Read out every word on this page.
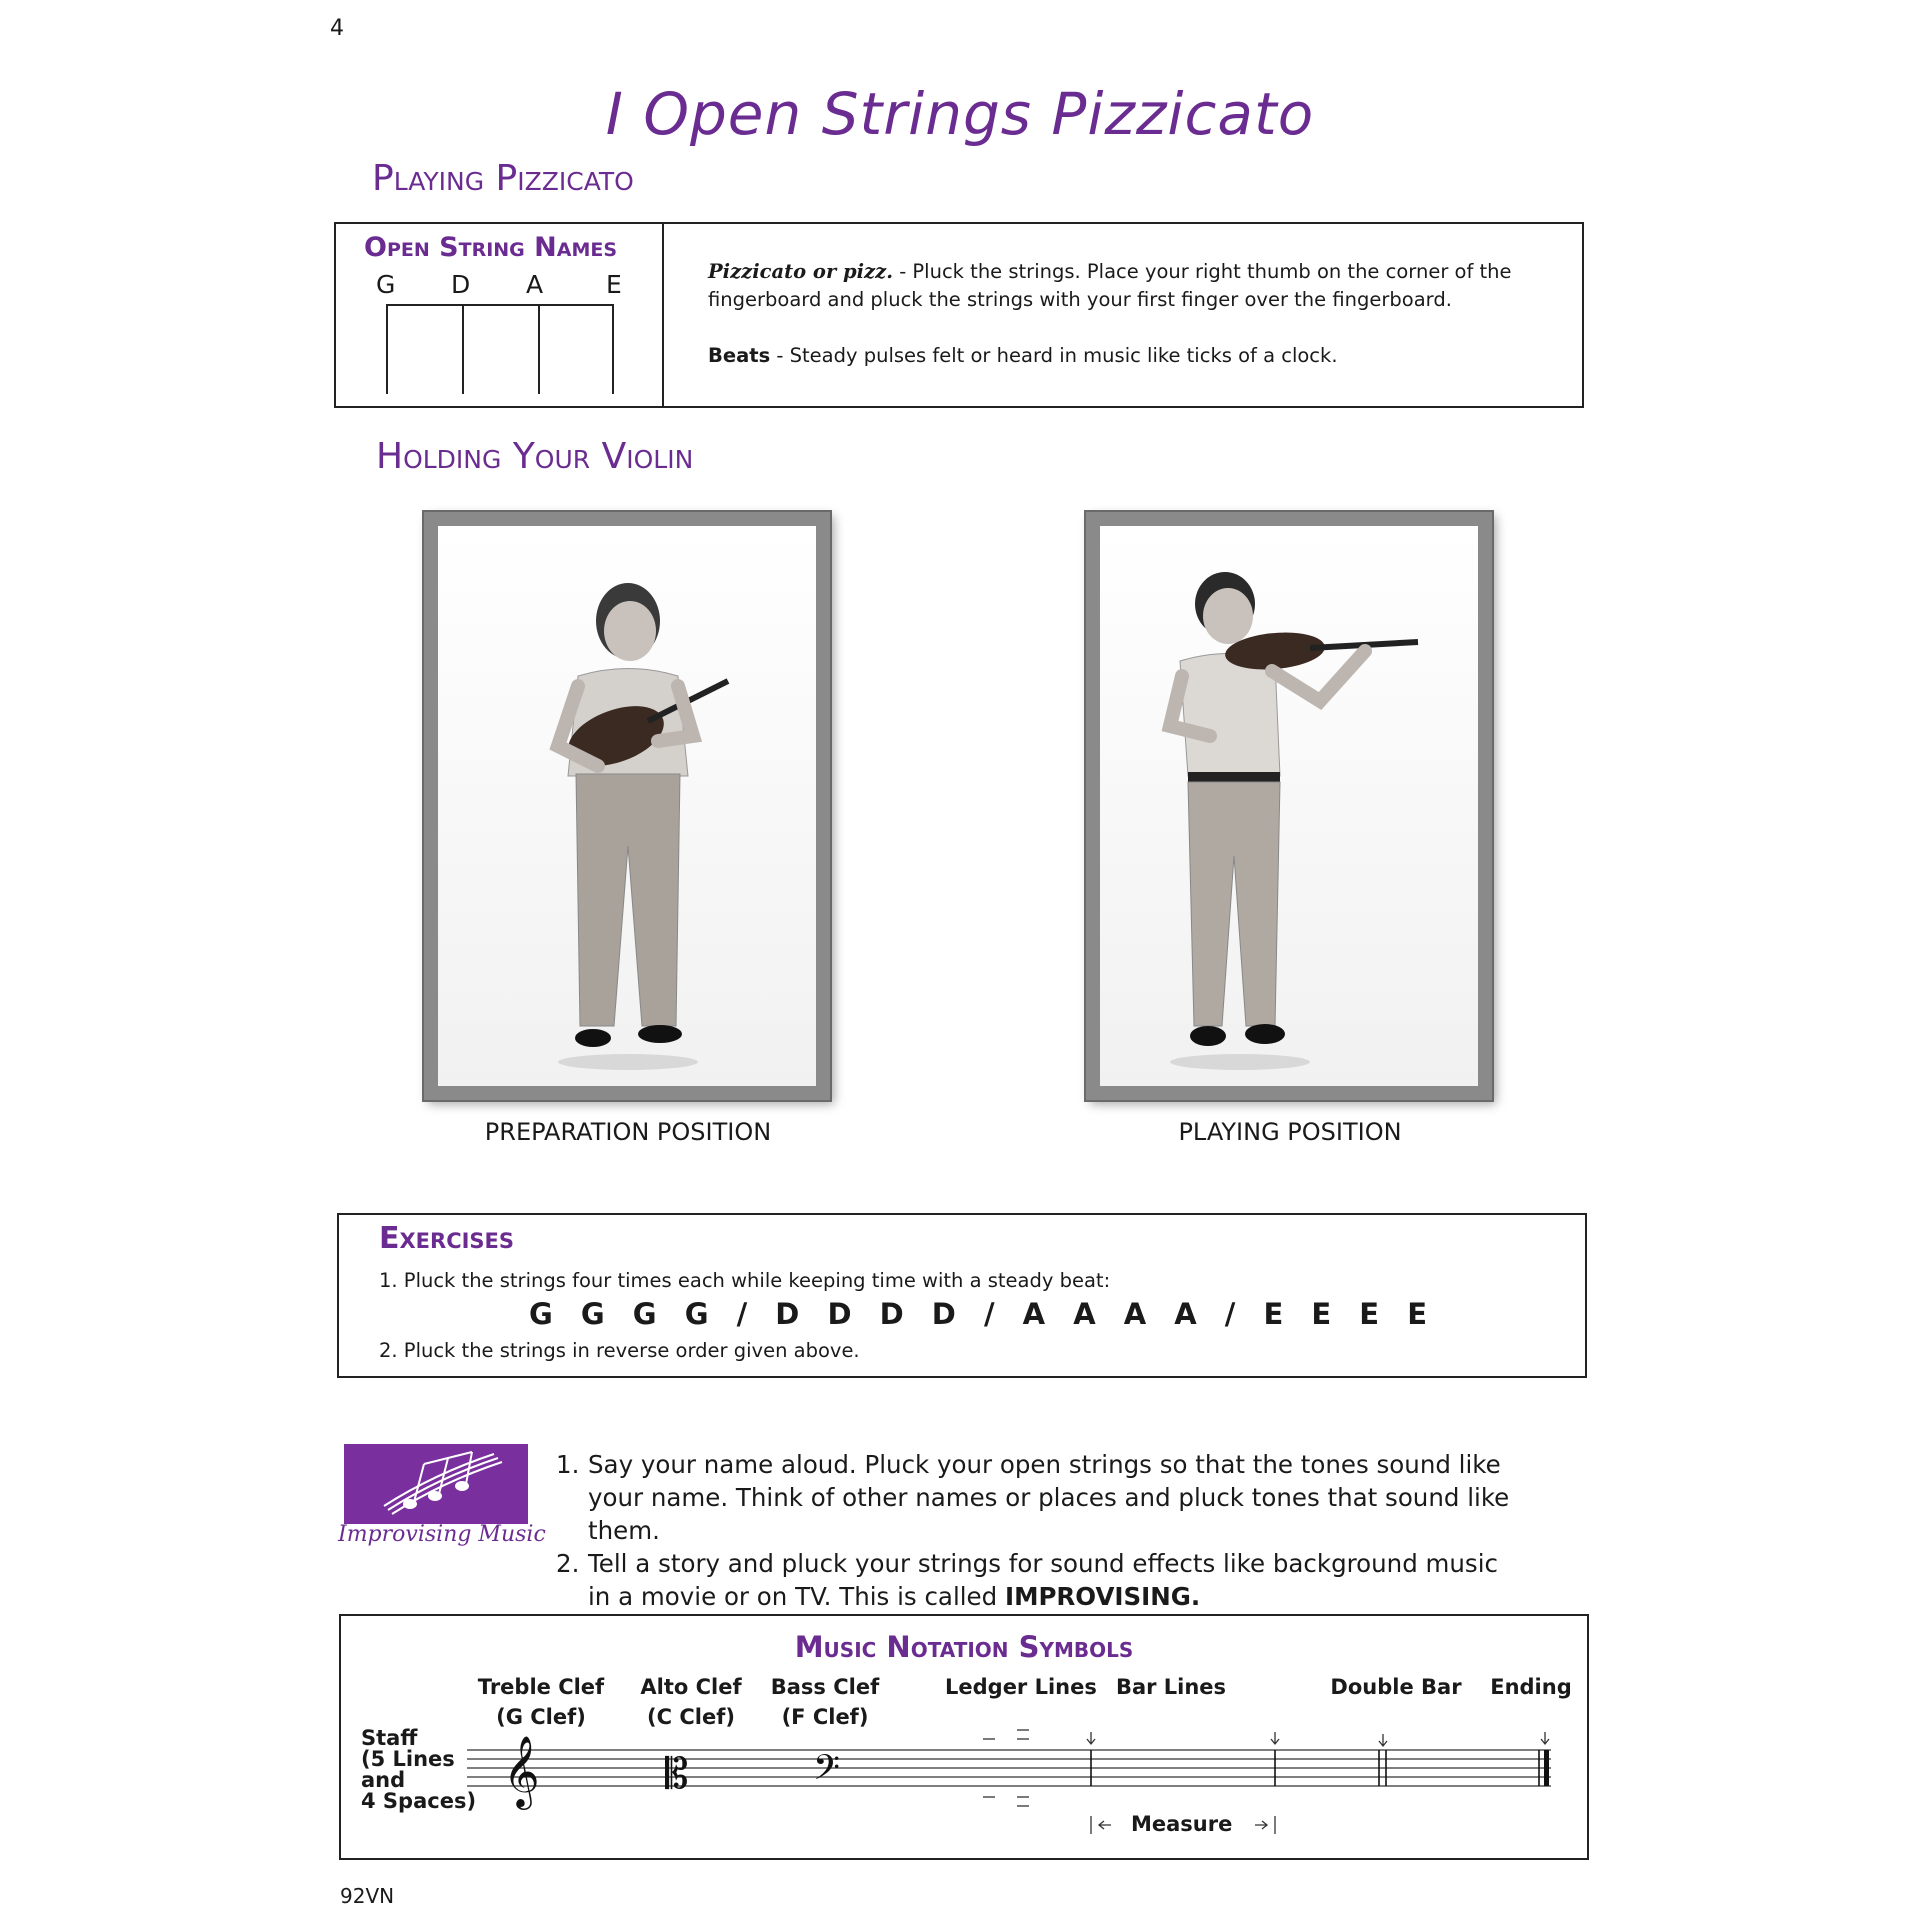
4
I Open Strings Pizzicato
Playing Pizzicato
Open String Names
G D A	E	Pizzicato or pizz. - Pluck the strings. Place your right thumb on the corner of the fingerboard and pluck the strings with your first finger over the fingerboard.
Beats - Steady pulses felt or heard in music like ticks of a clock.
Holding Your Violin
PREPARATION POSITION	PLAYING POSITION
Exercises
1. Pluck the strings four times each while keeping time with a steady beat:
G G G G / D D D D / A A A A / E E E E
2. Pluck the strings in reverse order given above.
Improvising Music
1. Say your name aloud. Pluck your open strings so that the tones sound like your name. Think of other names or places and pluck tones that sound like them.
2. Tell a story and pluck your strings for sound effects like background music in a movie or on TV. This is called IMPROVISING.
Music Notation Symbols
Treble Clef
(G Clef)
Alto Clef
(C Clef)
Bass Clef
(F Clef)
Ledger Lines Bar Lines	Double Bar	Ending
Staff
(5 Lines
and
4 Spaces) 𝄞	𝄡	𝄢
Measure
92VN
